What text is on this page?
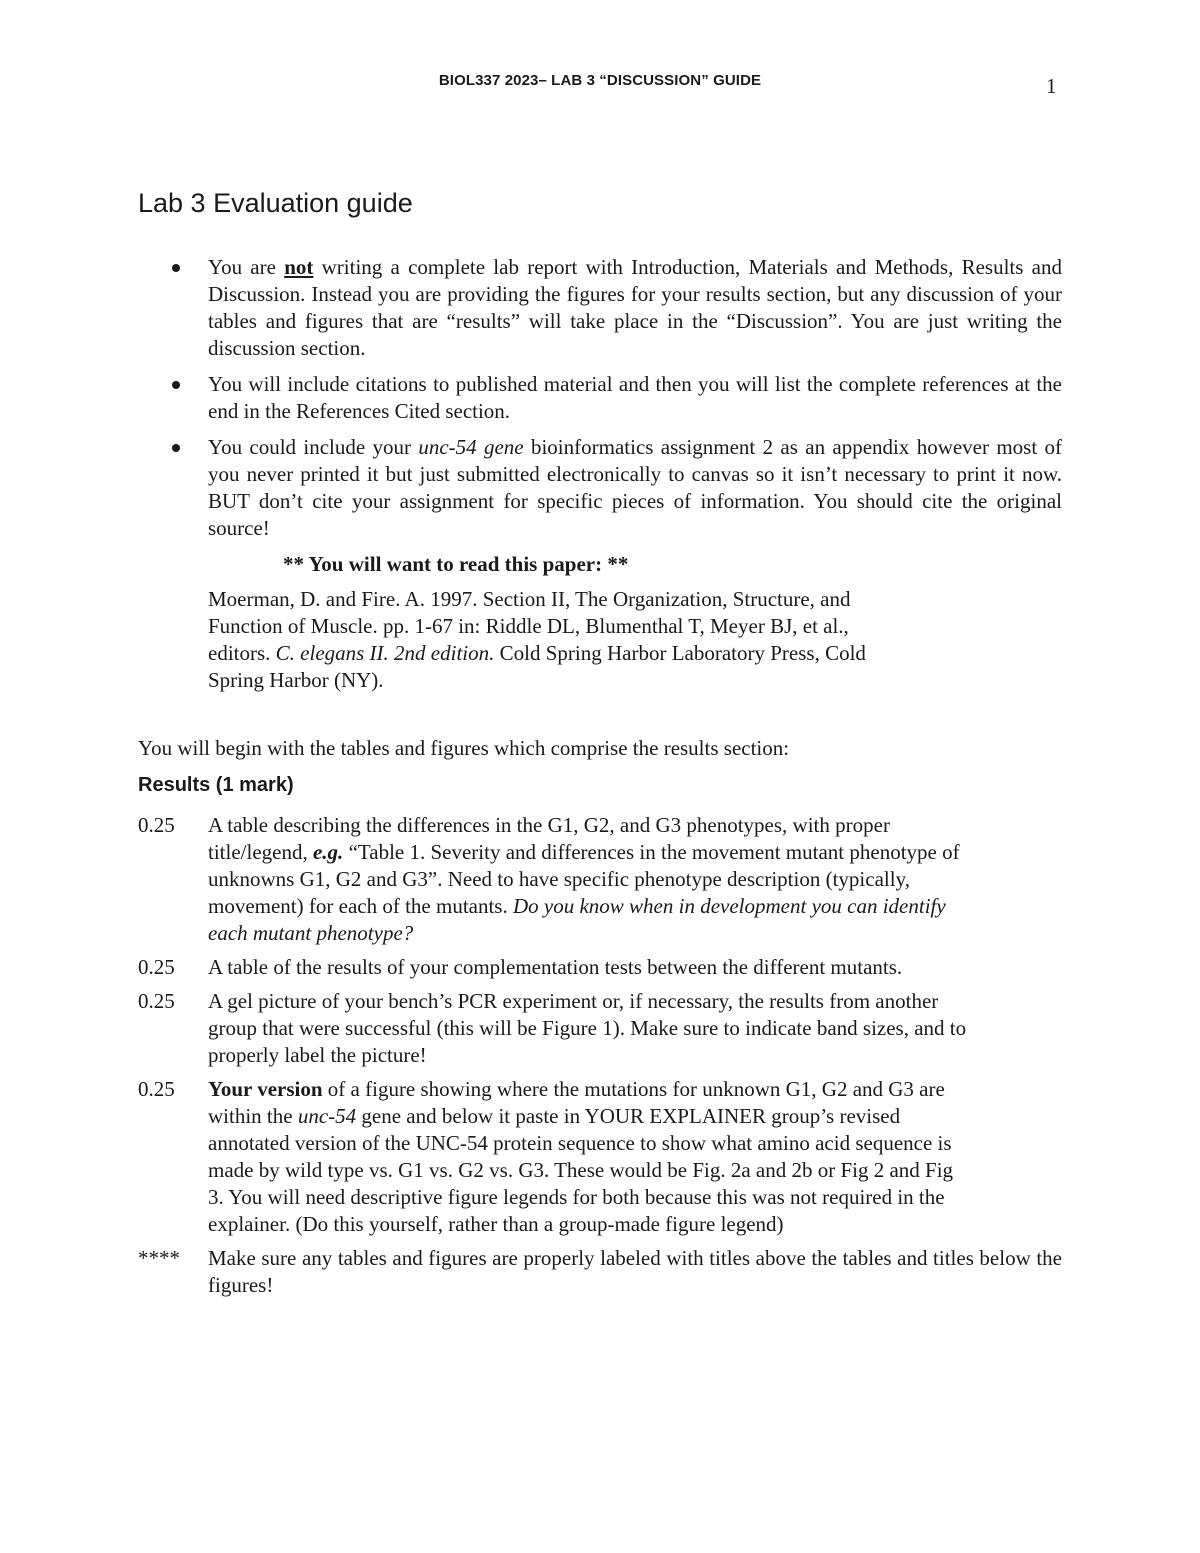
BIOL337 2023– LAB 3 “DISCUSSION” GUIDE	1
Lab 3 Evaluation guide
You are not writing a complete lab report with Introduction, Materials and Methods, Results and Discussion. Instead you are providing the figures for your results section, but any discussion of your tables and figures that are “results” will take place in the “Discussion”. You are just writing the discussion section.
You will include citations to published material and then you will list the complete references at the end in the References Cited section.
You could include your unc-54 gene bioinformatics assignment 2 as an appendix however most of you never printed it but just submitted electronically to canvas so it isn’t necessary to print it now. BUT don’t cite your assignment for specific pieces of information. You should cite the original source!
** You will want to read this paper: **
Moerman, D. and Fire. A. 1997. Section II, The Organization, Structure, and
Function of Muscle. pp. 1-67 in: Riddle DL, Blumenthal T, Meyer BJ, et al.,
editors. C. elegans II. 2nd edition. Cold Spring Harbor Laboratory Press, Cold
Spring Harbor (NY).
You will begin with the tables and figures which comprise the results section:
Results (1 mark)
0.25	A table describing the differences in the G1, G2, and G3 phenotypes, with proper
title/legend, e.g. “Table 1. Severity and differences in the movement mutant phenotype of
unknowns G1, G2 and G3”. Need to have specific phenotype description (typically,
movement) for each of the mutants. Do you know when in development you can identify
each mutant phenotype?
0.25	A table of the results of your complementation tests between the different mutants.
0.25	A gel picture of your bench’s PCR experiment or, if necessary, the results from another
group that were successful (this will be Figure 1). Make sure to indicate band sizes, and to
properly label the picture!
0.25	Your version of a figure showing where the mutations for unknown G1, G2 and G3 are
within the unc-54 gene and below it paste in YOUR EXPLAINER group’s revised
annotated version of the UNC-54 protein sequence to show what amino acid sequence is
made by wild type vs. G1 vs. G2 vs. G3. These would be Fig. 2a and 2b or Fig 2 and Fig
3. You will need descriptive figure legends for both because this was not required in the
explainer. (Do this yourself, rather than a group-made figure legend)
****	Make sure any tables and figures are properly labeled with titles above the tables and titles below the figures!
